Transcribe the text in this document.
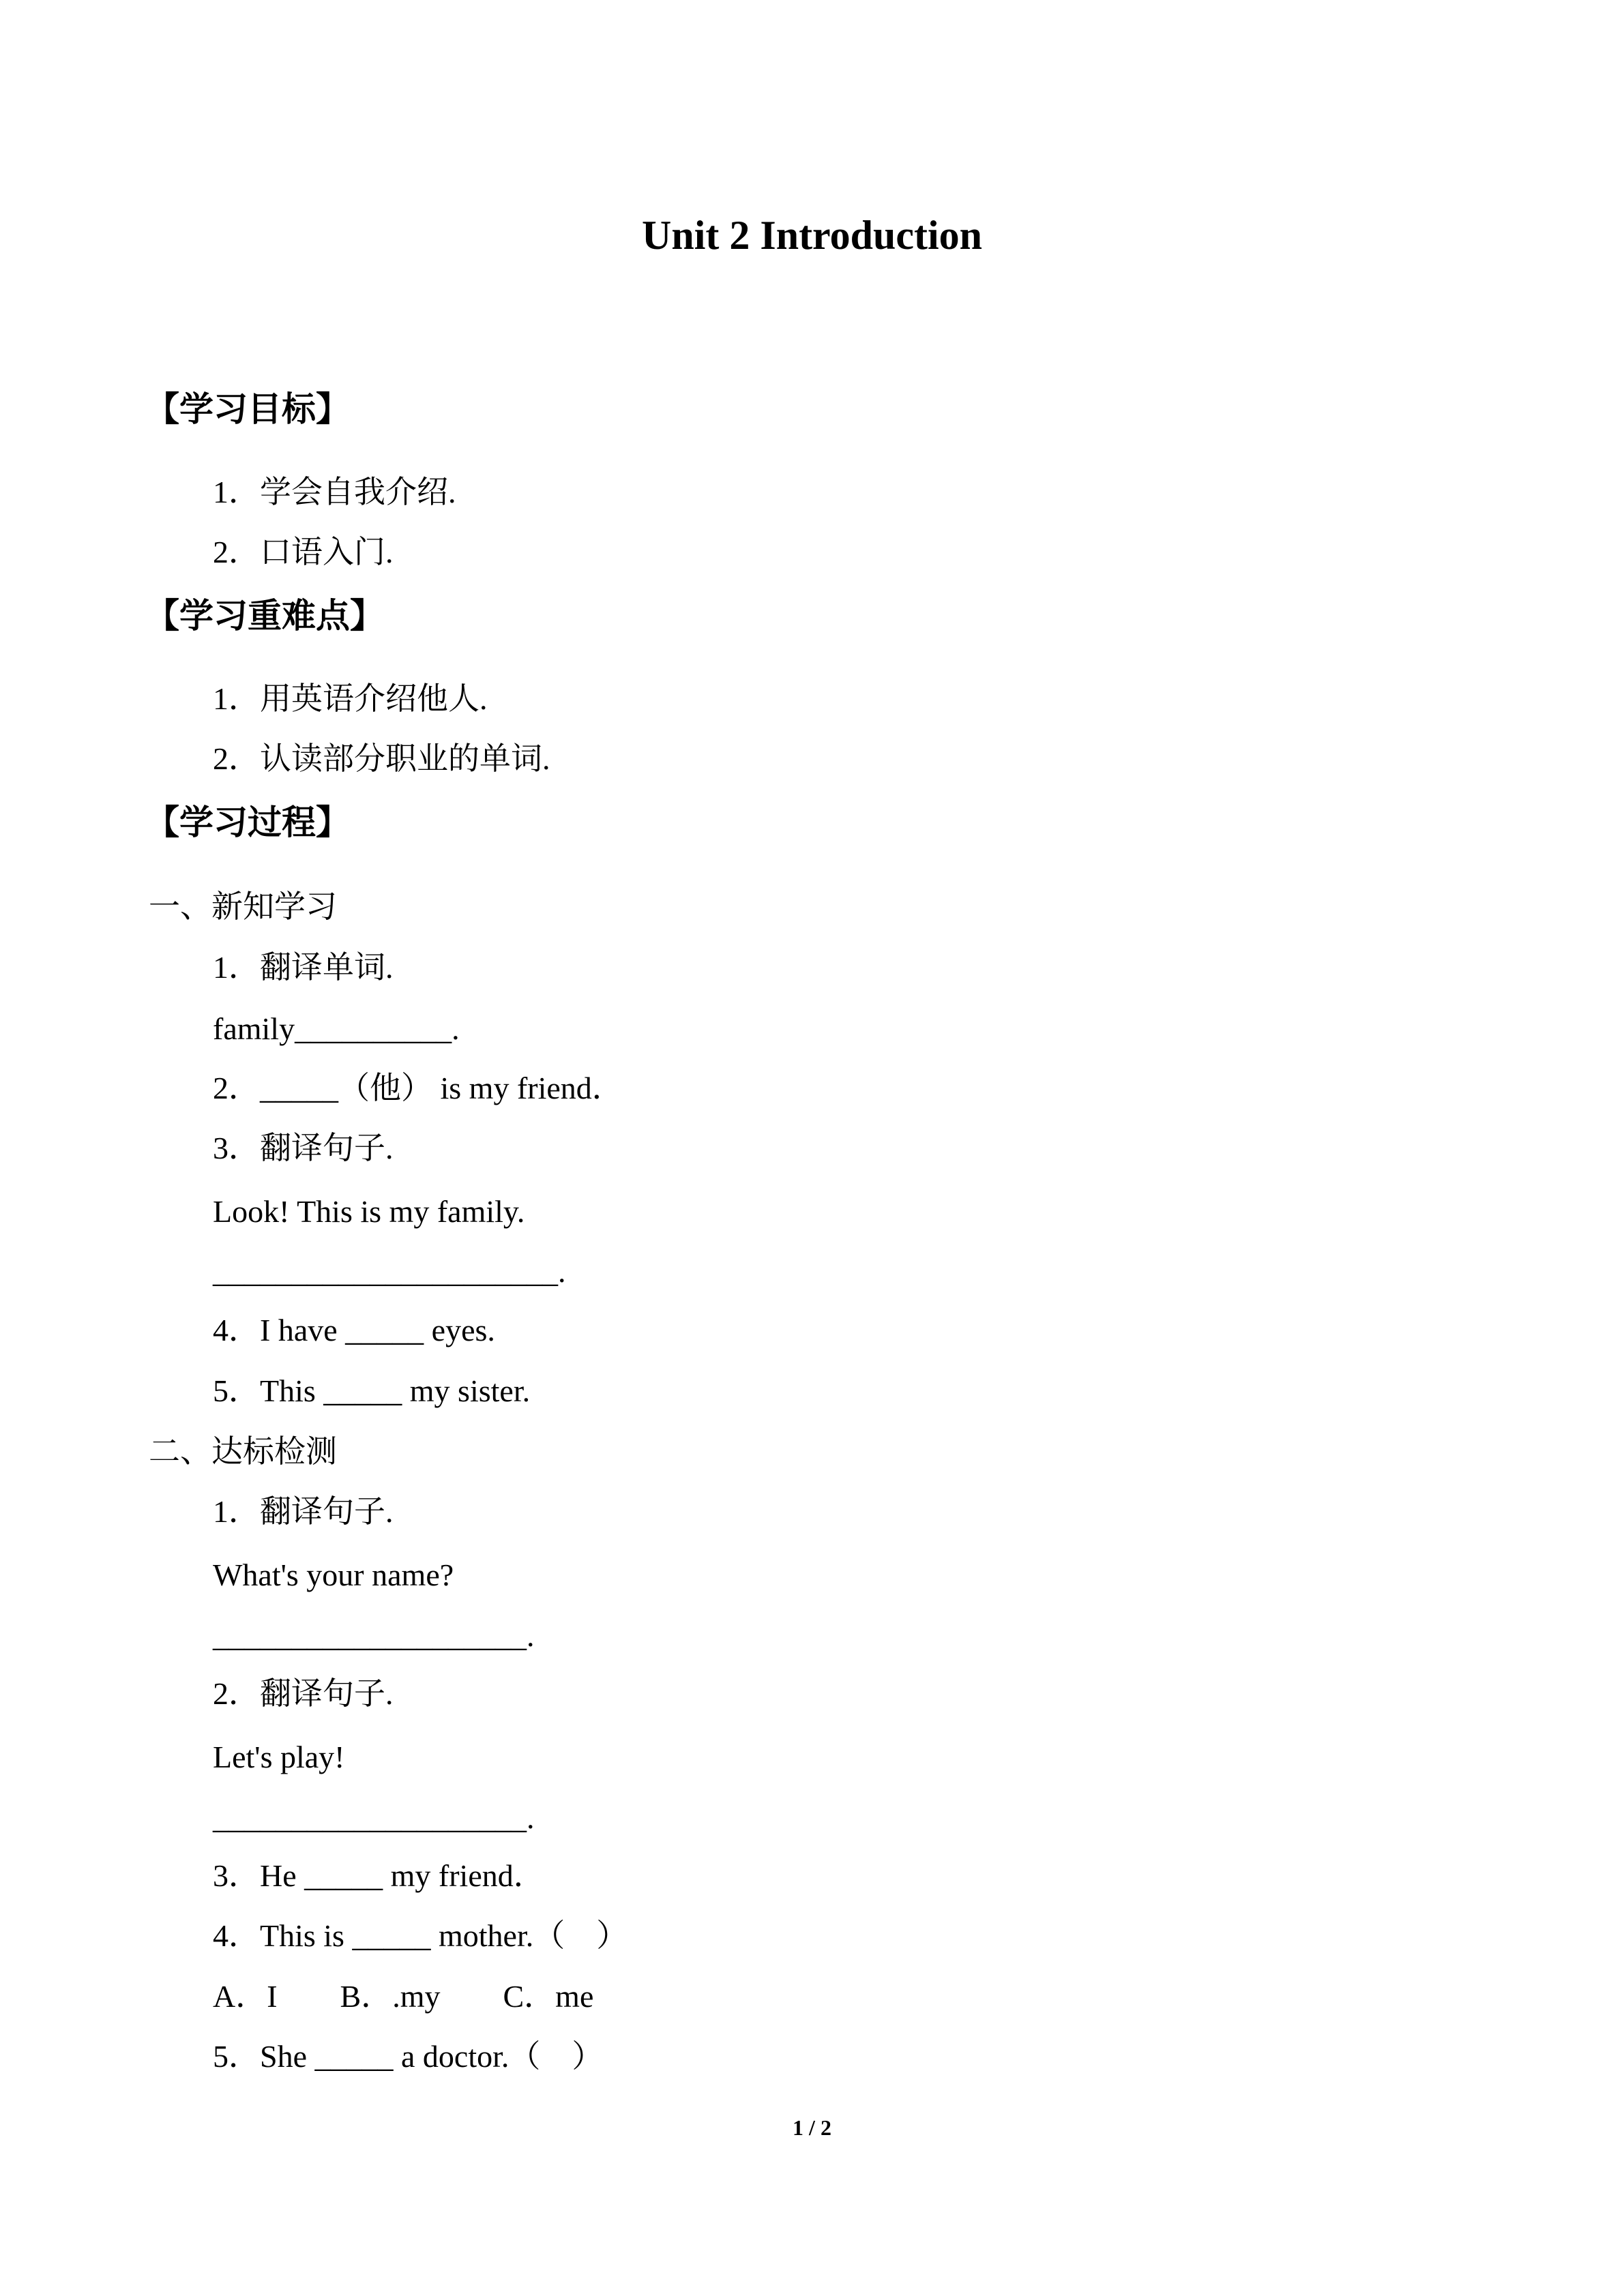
Unit 2 Introduction
【学习目标】
1．学会自我介绍.
2．口语入门.
【学习重难点】
1．用英语介绍他人.
2．认读部分职业的单词.
【学习过程】
一、新知学习
1．翻译单词.
family__________.
2．_____（他） is my friend．
3．翻译句子.
Look! This is my family.
______________________.
4．I have _____ eyes.
5．This _____ my sister.
二、达标检测
1．翻译句子.
What's your name?
____________________.
2．翻译句子.
Let's play!
____________________.
3．He _____ my friend．
4．This is _____ mother.（　）
A．I　　B．.my　　C．me
5．She _____ a doctor.（　）
1 / 2
